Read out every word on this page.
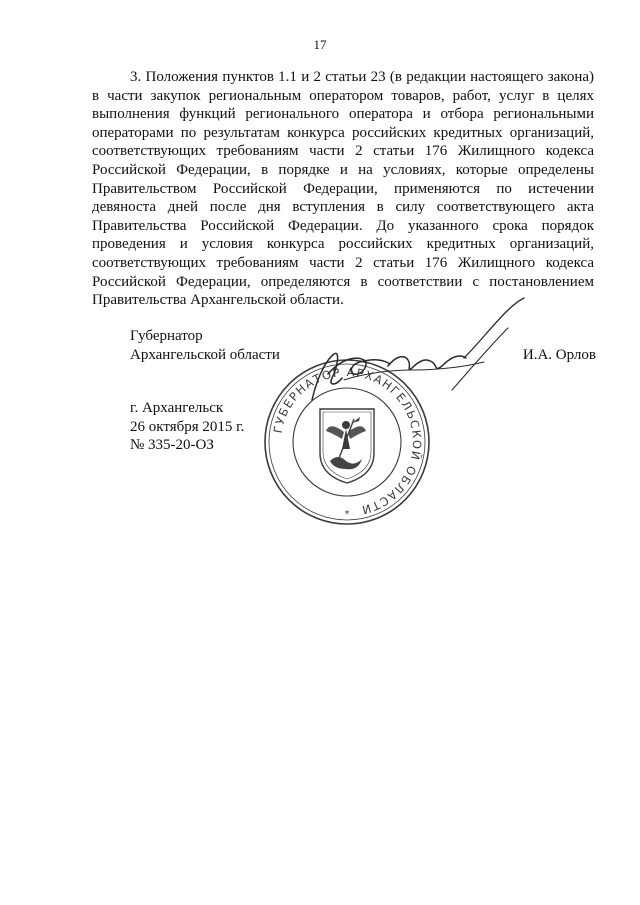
17

3. Положения пунктов 1.1 и 2 статьи 23 (в редакции настоящего закона) в части закупок региональным оператором товаров, работ, услуг в целях выполнения функций регионального оператора и отбора региональными операторами по результатам конкурса российских кредитных организаций, соответствующих требованиям части 2 статьи 176 Жилищного кодекса Российской Федерации, в порядке и на условиях, которые определены Правительством Российской Федерации, применяются по истечении девяноста дней после дня вступления в силу соответствующего акта Правительства Российской Федерации. До указанного срока порядок проведения и условия конкурса российских кредитных организаций, соответствующих требованиям части 2 статьи 176 Жилищного кодекса Российской Федерации, определяются в соответствии с постановлением Правительства Архангельской области.

Губернатор
Архангельской области	И.А. Орлов
г. Архангельск
26 октября 2015 г.
№ 335-20-ОЗ
ГУБЕРНАТОР АРХАНГЕЛЬСКОЙ ОБЛАСТИ
*
